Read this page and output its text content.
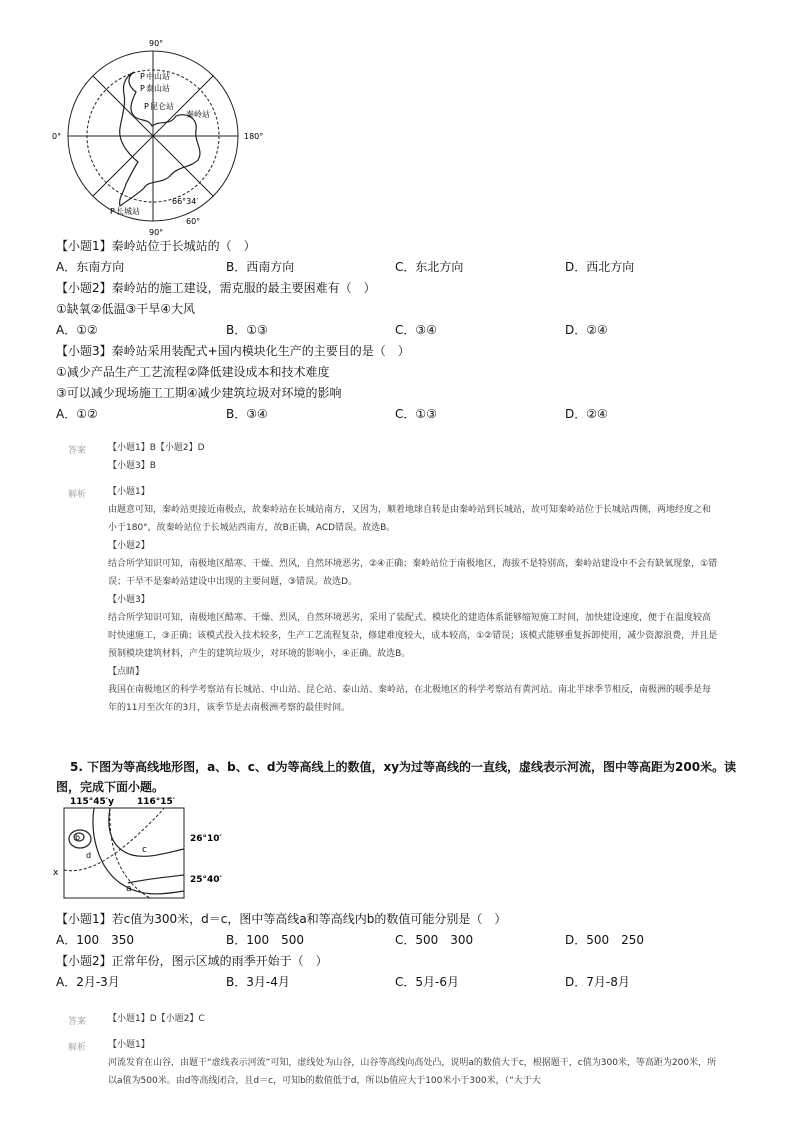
90°
90°
0°	180°
60°
66°34′
P 中山站
P 泰山站
P 昆仑站
秦岭站
P 长城站
【小题1】秦岭站位于长城站的（　）
A．东南方向	B．西南方向	C．东北方向	D．西北方向
【小题2】秦岭站的施工建设，需克服的最主要困难有（　）
①缺氧②低温③干旱④大风
A．①②	B．①③	C．③④	D．②④
【小题3】秦岭站采用装配式+国内模块化生产的主要目的是（　）
①减少产品生产工艺流程②降低建设成本和技术难度
③可以减少现场施工工期④减少建筑垃圾对环境的影响
A．①②	B．③④	C．①③	D．②④
答案 【小题1】B【小题2】D
【小题3】B
解析 【小题1】
由题意可知，秦岭站更接近南极点，故秦岭站在长城站南方，又因为，顺着地球自转是由秦岭站到长城站，故可知秦岭站位于长城站西侧，两地经度之和小于180°，故秦岭站位于长城站西南方，故B正确，ACD错误。故选B。
【小题2】
结合所学知识可知，南极地区酷寒、干燥、烈风，自然环境恶劣，②④正确；秦岭站位于南极地区，海拔不是特别高，秦岭站建设中不会有缺氧现象，①错误；干旱不是秦岭站建设中出现的主要问题，③错误。故选D。
【小题3】
结合所学知识可知，南极地区酷寒、干燥、烈风，自然环境恶劣，采用了装配式、模块化的建造体系能够缩短施工时间，加快建设速度，便于在温度较高时快速施工，③正确；该模式投入技术较多，生产工艺流程复杂，修建难度较大，成本较高，①②错误；该模式能够重复拆卸使用，减少资源浪费，并且是预制模块建筑材料，产生的建筑垃圾少，对环境的影响小，④正确。故选B。
【点睛】
我国在南极地区的科学考察站有长城站、中山站、昆仑站、泰山站、秦岭站，在北极地区的科学考察站有黄河站。南北半球季节相反，南极洲的暖季是每年的11月至次年的3月，该季节是去南极洲考察的最佳时间。
5. 下图为等高线地形图，a、b、c、d为等高线上的数值，xy为过等高线的一直线，虚线表示河流，图中等高距为200米。读图，完成下面小题。
115°45′y	116°15′
26°10′
25°40′
b
d
c
a
x
【小题1】若c值为300米，d＝c，图中等高线a和等高线内b的数值可能分别是（　）
A．100　350	B．100　500	C．500　300	D．500　250
【小题2】正常年份，图示区域的雨季开始于（　）
A．2月-3月	B．3月-4月	C．5月-6月	D．7月-8月
答案 【小题1】D【小题2】C
解析 【小题1】
河流发育在山谷，由题干“虚线表示河流”可知，虚线处为山谷，山谷等高线向高处凸，说明a的数值大于c，根据题干，c值为300米，等高距为200米，所以a值为500米。由d等高线闭合，且d＝c，可知b的数值低于d，所以b值应大于100米小于300米，（“大于大
